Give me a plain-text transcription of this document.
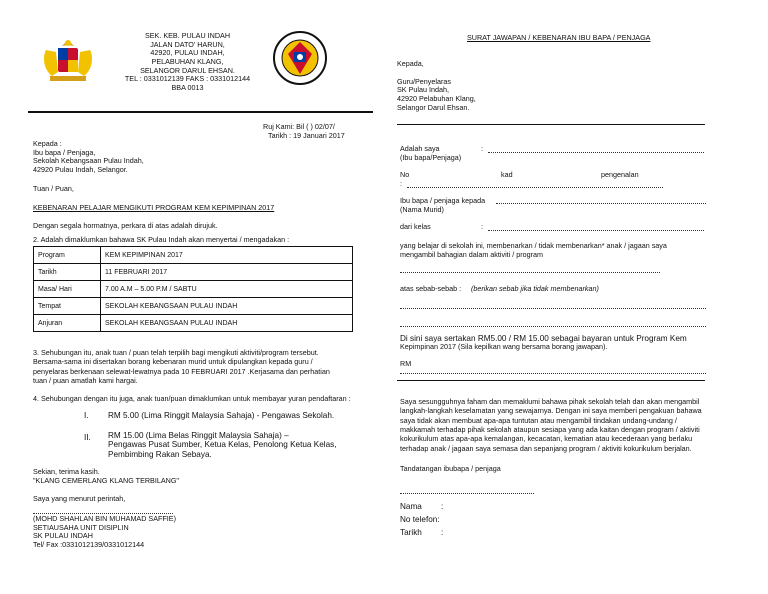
SEK. KEB. PULAU INDAH
JALAN DATO' HARUN,
42920, PULAU INDAH,
PELABUHAN KLANG,
SELANGOR DARUL EHSAN.
TEL : 0331012139 FAKS : 0331012144
BBA 0013
Ruj Kami: Bil ( ) 02/07/
Tarikh : 19 Januari 2017
Kepada :
Ibu bapa / Penjaga,
Sekolah Kebangsaan Pulau Indah,
42920 Pulau Indah, Selangor.
Tuan / Puan,
KEBENARAN PELAJAR MENGIKUTI PROGRAM KEM KEPIMPINAN 2017
Dengan segala hormatnya, perkara di atas adalah dirujuk.
2. Adalah dimaklumkan bahawa SK Pulau Indah akan menyertai / mengadakan :
Program	KEM KEPIMPINAN 2017
Tarikh	11 FEBRUARI 2017
Masa/ Hari	7.00 A.M – 5.00 P.M / SABTU
Tempat	SEKOLAH KEBANGSAAN PULAU INDAH
Anjuran	SEKOLAH KEBANGSAAN PULAU INDAH
3. Sehubungan itu, anak tuan / puan telah terpilih bagi mengikuti aktiviti/program tersebut.
Bersama-sama ini disertakan borang kebenaran murid untuk dipulangkan kepada guru /
penyelaras berkenaan selewat-lewatnya pada 10 FEBRUARI 2017 .Kerjasama dan perhatian
tuan / puan amatlah kami hargai.
4. Sehubungan dengan itu juga, anak tuan/puan dimaklumkan untuk membayar yuran pendaftaran :
I. RM 5.00 (Lima Ringgit Malaysia Sahaja) - Pengawas Sekolah.
II. RM 15.00 (Lima Belas Ringgit Malaysia Sahaja) –
Pengawas Pusat Sumber, Ketua Kelas, Penolong Ketua Kelas,
Pembimbing Rakan Sebaya.
Sekian, terima kasih.
"KLANG CEMERLANG KLANG TERBILANG"
Saya yang menurut perintah,
(MOHD SHAHLAN BIN MUHAMAD SAFFIE)
SETIAUSAHA UNIT DISIPLIN
SK PULAU INDAH
Tel/ Fax :0331012139/0331012144
SURAT JAWAPAN / KEBENARAN IBU BAPA / PENJAGA
Kepada,
Guru/Penyelaras
SK Pulau Indah,
42920 Pelabuhan Klang,
Selangor Darul Ehsan.
Adalah saya
(Ibu bapa/Penjaga)
:
No	kad	pengenalan
:
Ibu bapa / penjaga kepada
(Nama Murid)
dari kelas	:
yang belajar di sekolah ini, membenarkan / tidak membenarkan* anak / jagaan saya
mengambil bahagian dalam aktiviti / program
atas sebab-sebab : (berikan sebab jika tidak membenarkan)
Di sini saya sertakan RM5.00 / RM 15.00 sebagai bayaran untuk Program Kem
Kepimpinan 2017 (Sila kepilkan wang bersama borang jawapan).
RM
Saya sesungguhnya faham dan memaklumi bahawa pihak sekolah telah dan akan mengambil
langkah-langkah keselamatan yang sewajarnya. Dengan ini saya memberi pengakuan bahawa
saya tidak akan membuat apa-apa tuntutan atau mengambil tindakan undang-undang /
makkamah terhadap pihak sekolah ataupun sesiapa yang ada kaitan dengan program / aktiviti
kokurikulum atas apa-apa kemalangan, kecacatan, kematian atau kecederaan yang berlaku
terhadap anak / jagaan saya semasa dan sepanjang program / aktiviti kokurikulum berjalan.
Tandatangan ibubapa / penjaga
Nama :
No telefon:
Tarikh :
